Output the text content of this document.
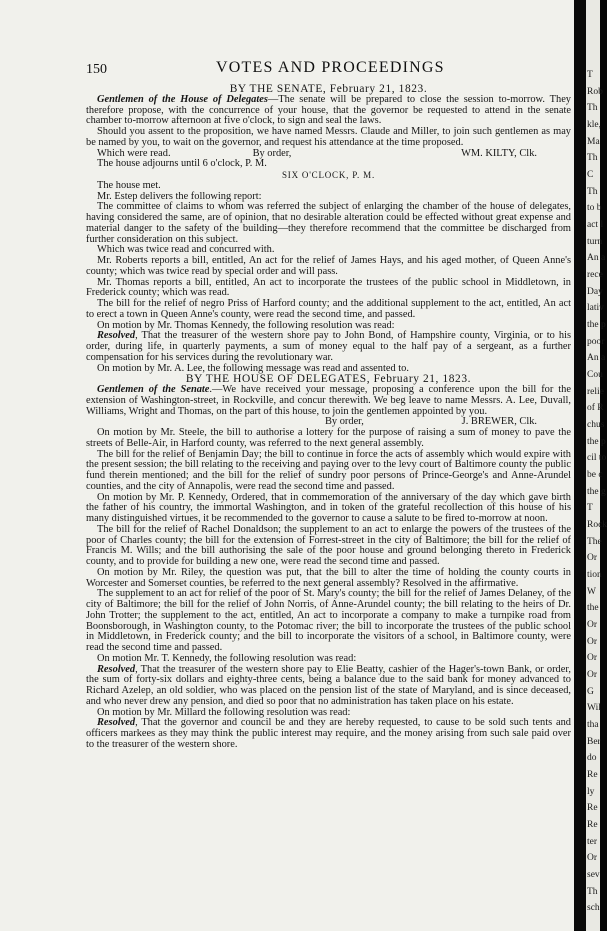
150	VOTES AND PROCEEDINGS

BY THE SENATE, February 21, 1823.

Gentlemen of the House of Delegates—The senate will be prepared to close the session to-morrow. They therefore propose, with the concurrence of your house, that the governor be requested to attend in the senate chamber to-morrow afternoon at five o'clock, to sign and seal the laws.

Should you assent to the proposition, we have named Messrs. Claude and Miller, to join such gentlemen as may be named by you, to wait on the governor, and request his attendance at the time proposed.

Which were read.	By order,	WM. KILTY, Clk.

The house adjourns until 6 o'clock, P. M.

SIX O'CLOCK, P. M.

The house met.

Mr. Estep delivers the following report:

The committee of claims to whom was referred the subject of enlarging the chamber of the house of delegates, having considered the same, are of opinion, that no desirable alteration could be effected without great expense and material danger to the safety of the building—they therefore recommend that the committee be discharged from further consideration on this subject.

Which was twice read and concurred with.

Mr. Roberts reports a bill, entitled, An act for the relief of James Hays, and his aged mother, of Queen Anne's county; which was twice read by special order and will pass.

Mr. Thomas reports a bill, entitled, An act to incorporate the trustees of the public school in Middletown, in Frederick county; which was read.

The bill for the relief of negro Priss of Harford county; and the additional supplement to the act, entitled, An act to erect a town in Queen Anne's county, were read the second time, and passed.

On motion by Mr. Thomas Kennedy, the following resolution was read:

Resolved, That the treasurer of the western shore pay to John Bond, of Hampshire county, Virginia, or to his order, during life, in quarterly payments, a sum of money equal to the half pay of a sergeant, as a further compensation for his services during the revolutionary war.

On motion by Mr. A. Lee, the following message was read and assented to.

BY THE HOUSE OF DELEGATES, February 21, 1823.

Gentlemen of the Senate.—We have received your message, proposing a conference upon the bill for the extension of Washington-street, in Rockville, and concur therewith. We beg leave to name Messrs. A. Lee, Duvall, Williams, Wright and Thomas, on the part of this house, to join the gentlemen appointed by you.

By order,	J. BREWER, Clk.

On motion by Mr. Steele, the bill to authorise a lottery for the purpose of raising a sum of money to pave the streets of Belle-Air, in Harford county, was referred to the next general assembly.

The bill for the relief of Benjamin Day; the bill to continue in force the acts of assembly which would expire with the present session; the bill relating to the receiving and paying over to the levy court of Baltimore county the public fund therein mentioned; and the bill for the relief of sundry poor persons of Prince-George's and Anne-Arundel counties, and the city of Annapolis, were read the second time and passed.

On motion by Mr. P. Kennedy, Ordered, that in commemoration of the anniversary of the day which gave birth the father of his country, the immortal Washington, and in token of the grateful recollection of this house of his many distinguished virtues, it be recommended to the governor to cause a salute to be fired to-morrow at noon.

The bill for the relief of Rachel Donaldson; the supplement to an act to enlarge the powers of the trustees of the poor of Charles county; the bill for the extension of Forrest-street in the city of Baltimore; the bill for the relief of Francis M. Wills; and the bill authorising the sale of the poor house and ground belonging thereto in Frederick county, and to provide for building a new one, were read the second time and passed.

On motion by Mr. Riley, the question was put, that the bill to alter the time of holding the county courts in Worcester and Somerset counties, be referred to the next general assembly? Resolved in the affirmative.

The supplement to an act for relief of the poor of St. Mary's county; the bill for the relief of James Delaney, of the city of Baltimore; the bill for the relief of John Norris, of Anne-Arundel county; the bill relating to the heirs of Dr. John Trotter; the supplement to the act, entitled, An act to incorporate a company to make a turnpike road from Boonsborough, in Washington county, to the Potomac river; the bill to incorporate the trustees of the public school in Middletown, in Frederick county; and the bill to incorporate the visitors of a school, in Baltimore county, were read the second time and passed.

On motion Mr. T. Kennedy, the following resolution was read:

Resolved, That the treasurer of the western shore pay to Elie Beatty, cashier of the Hager's-town Bank, or order, the sum of forty-six dollars and eighty-three cents, being a balance due to the said bank for money advanced to Richard Azelep, an old soldier, who was placed on the pension list of the state of Maryland, and is since deceased, and who never drew any pension, and died so poor that no administration has taken place on his estate.

On motion by Mr. Millard the following resolution was read:

Resolved, That the governor and council be and they are hereby requested, to cause to be sold such tents and officers markees as they may think the public interest may require, and the money arising from such sale paid over to the treasurer of the western shore.

T
Rob
Th
kle,
Ma
Th
C
Th
to b
act l
turn
An a
rece
Day
lativ
the p
poor
An a
Cou
relie
of R
chus
the p
cil to
be c
the g
T
Rock
The
Or
tion
W
the
Or
Or
Or
Or
G
Wil
tha
Ber
do
Re
ly
Re
Re
ter
Or
sev
Th
sch
